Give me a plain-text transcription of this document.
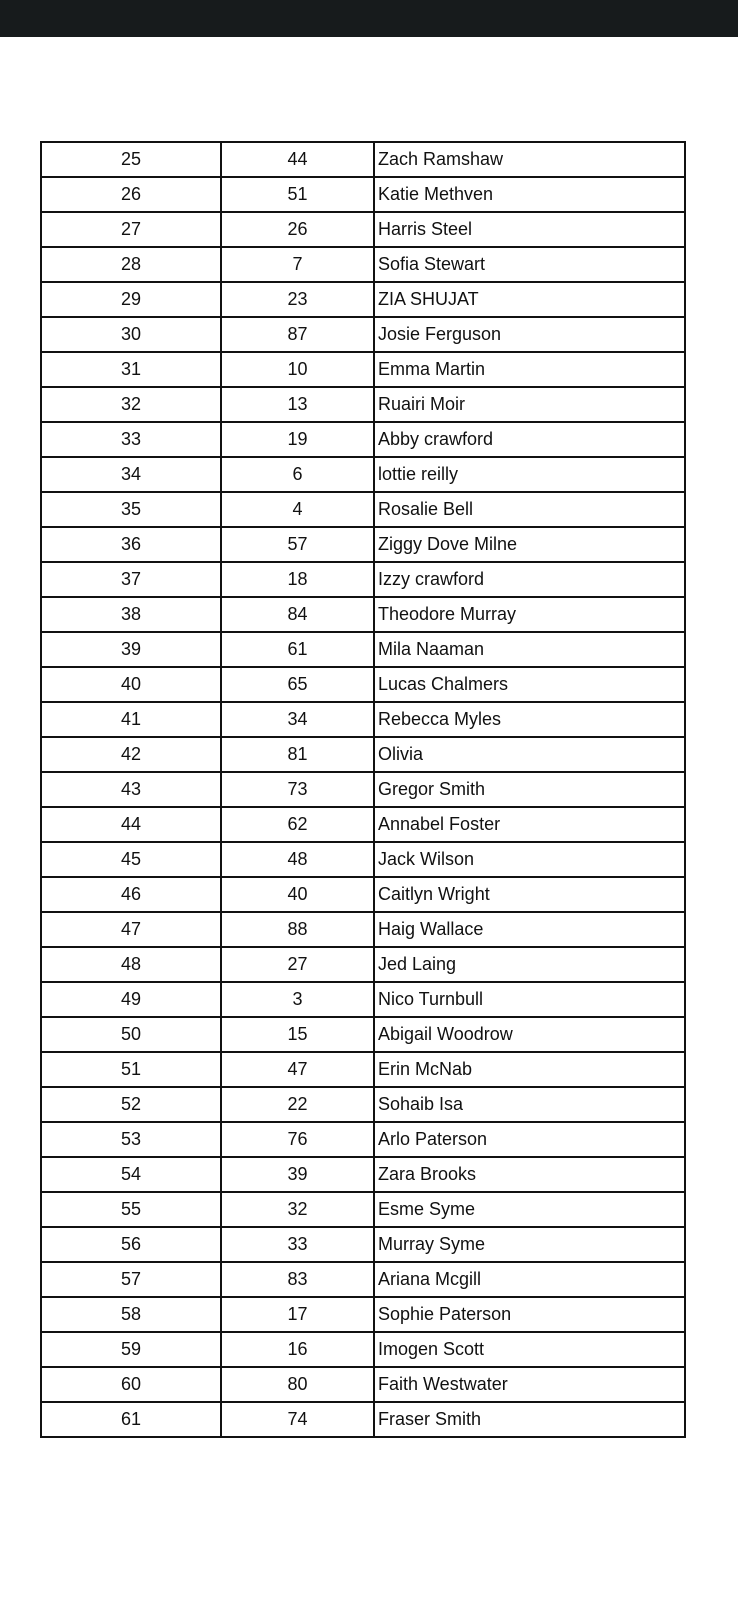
25	44	Zach Ramshaw
26	51	Katie Methven
27	26	Harris Steel
28	7	Sofia Stewart
29	23	ZIA SHUJAT
30	87	Josie Ferguson
31	10	Emma Martin
32	13	Ruairi Moir
33	19	Abby crawford
34	6	lottie reilly
35	4	Rosalie Bell
36	57	Ziggy Dove Milne
37	18	Izzy crawford
38	84	Theodore Murray
39	61	Mila Naaman
40	65	Lucas Chalmers
41	34	Rebecca Myles
42	81	Olivia
43	73	Gregor Smith
44	62	Annabel Foster
45	48	Jack Wilson
46	40	Caitlyn Wright
47	88	Haig Wallace
48	27	Jed Laing
49	3	Nico Turnbull
50	15	Abigail Woodrow
51	47	Erin McNab
52	22	Sohaib Isa
53	76	Arlo Paterson
54	39	Zara Brooks
55	32	Esme Syme
56	33	Murray Syme
57	83	Ariana Mcgill
58	17	Sophie Paterson
59	16	Imogen Scott
60	80	Faith Westwater
61	74	Fraser Smith
